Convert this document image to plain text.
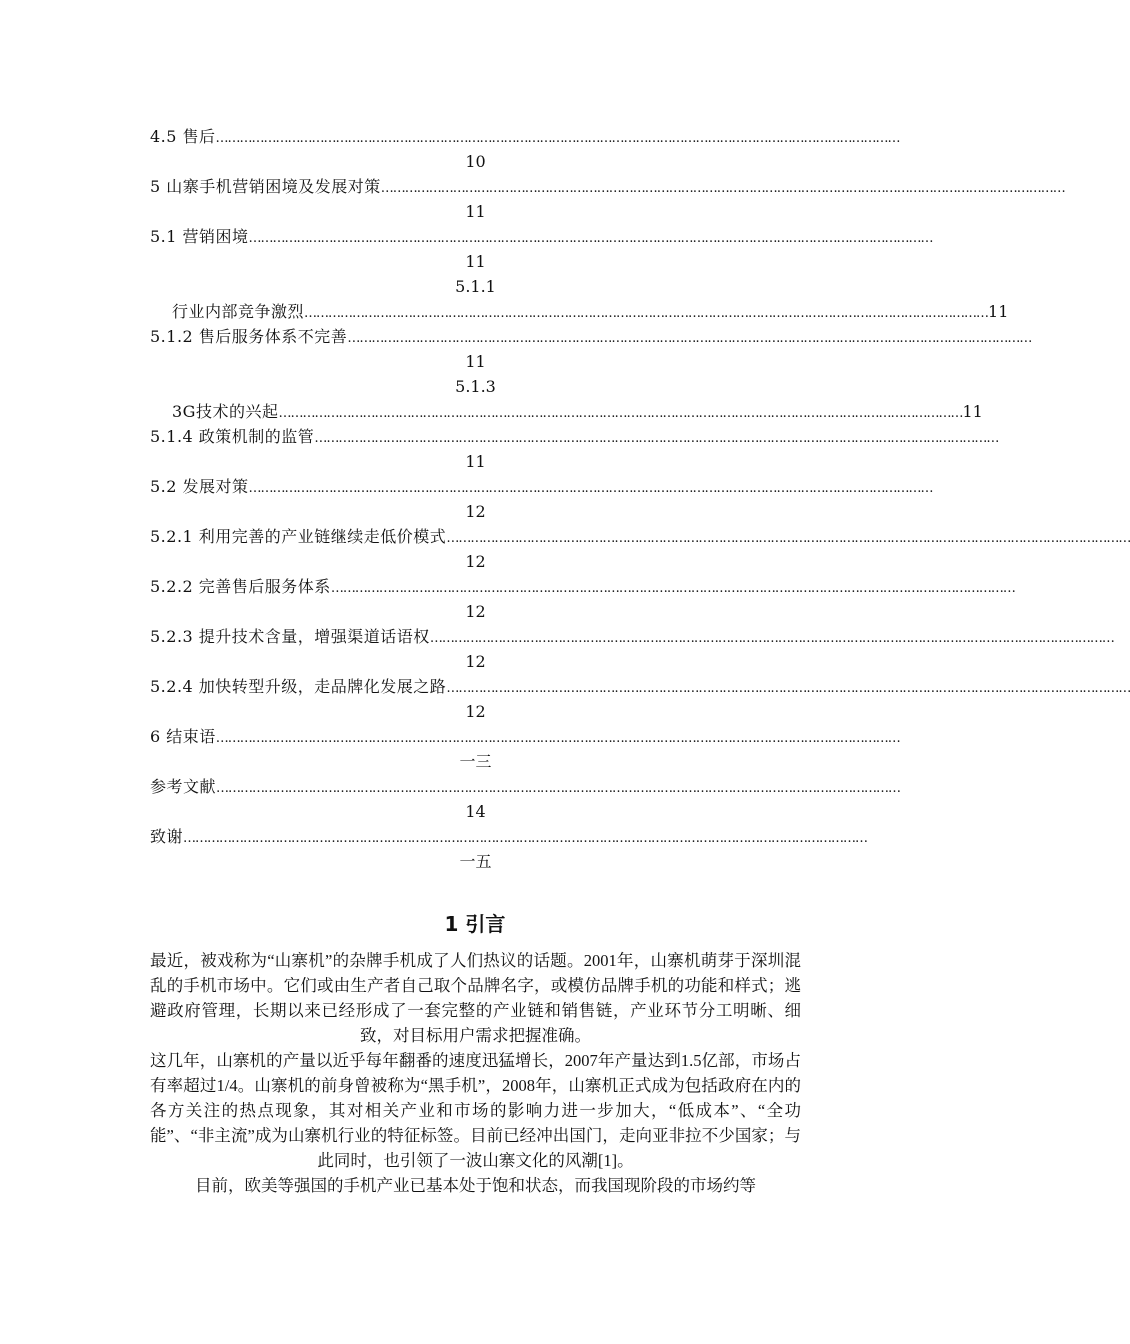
4.5 售后 ………………………………………………………………………………………………………………………………………………………
10
5 山寨手机营销困境及发展对策 ………………………………………………………………………………………………………………………………………………………
11
5.1 营销困境 ………………………………………………………………………………………………………………………………………………………
11
5.1.1
行业内部竞争激烈 ……………………………………………………………………………………………………………………………………………………… 11
5.1.2 售后服务体系不完善 ………………………………………………………………………………………………………………………………………………………
11
5.1.3
3G技术的兴起 ……………………………………………………………………………………………………………………………………………………… 11
5.1.4 政策机制的监管 ………………………………………………………………………………………………………………………………………………………
11
5.2 发展对策 ………………………………………………………………………………………………………………………………………………………
12
5.2.1 利用完善的产业链继续走低价模式 ………………………………………………………………………………………………………………………………………………………
12
5.2.2 完善售后服务体系 ………………………………………………………………………………………………………………………………………………………
12
5.2.3 提升技术含量，增强渠道话语权 ………………………………………………………………………………………………………………………………………………………
12
5.2.4 加快转型升级，走品牌化发展之路 ………………………………………………………………………………………………………………………………………………………
12
6 结束语 ………………………………………………………………………………………………………………………………………………………
一三
参考文献 ………………………………………………………………………………………………………………………………………………………
14
致谢 ………………………………………………………………………………………………………………………………………………………
一五
1 引言

最近，被戏称为“山寨机”的杂牌手机成了人们热议的话题。2001年，山寨机萌芽于深圳混乱的手机市场中。它们或由生产者自己取个品牌名字，或模仿品牌手机的功能和样式；逃避政府管理，长期以来已经形成了一套完整的产业链和销售链，产业环节分工明晰、细致，对目标用户需求把握准确。

这几年，山寨机的产量以近乎每年翻番的速度迅猛增长，2007年产量达到1.5亿部，市场占有率超过1/4。山寨机的前身曾被称为“黑手机”，2008年，山寨机正式成为包括政府在内的各方关注的热点现象，其对相关产业和市场的影响力进一步加大，“低成本”、“全功能”、“非主流”成为山寨机行业的特征标签。目前已经冲出国门，走向亚非拉不少国家；与此同时，也引领了一波山寨文化的风潮[1]。

目前，欧美等强国的手机产业已基本处于饱和状态，而我国现阶段的市场约等
